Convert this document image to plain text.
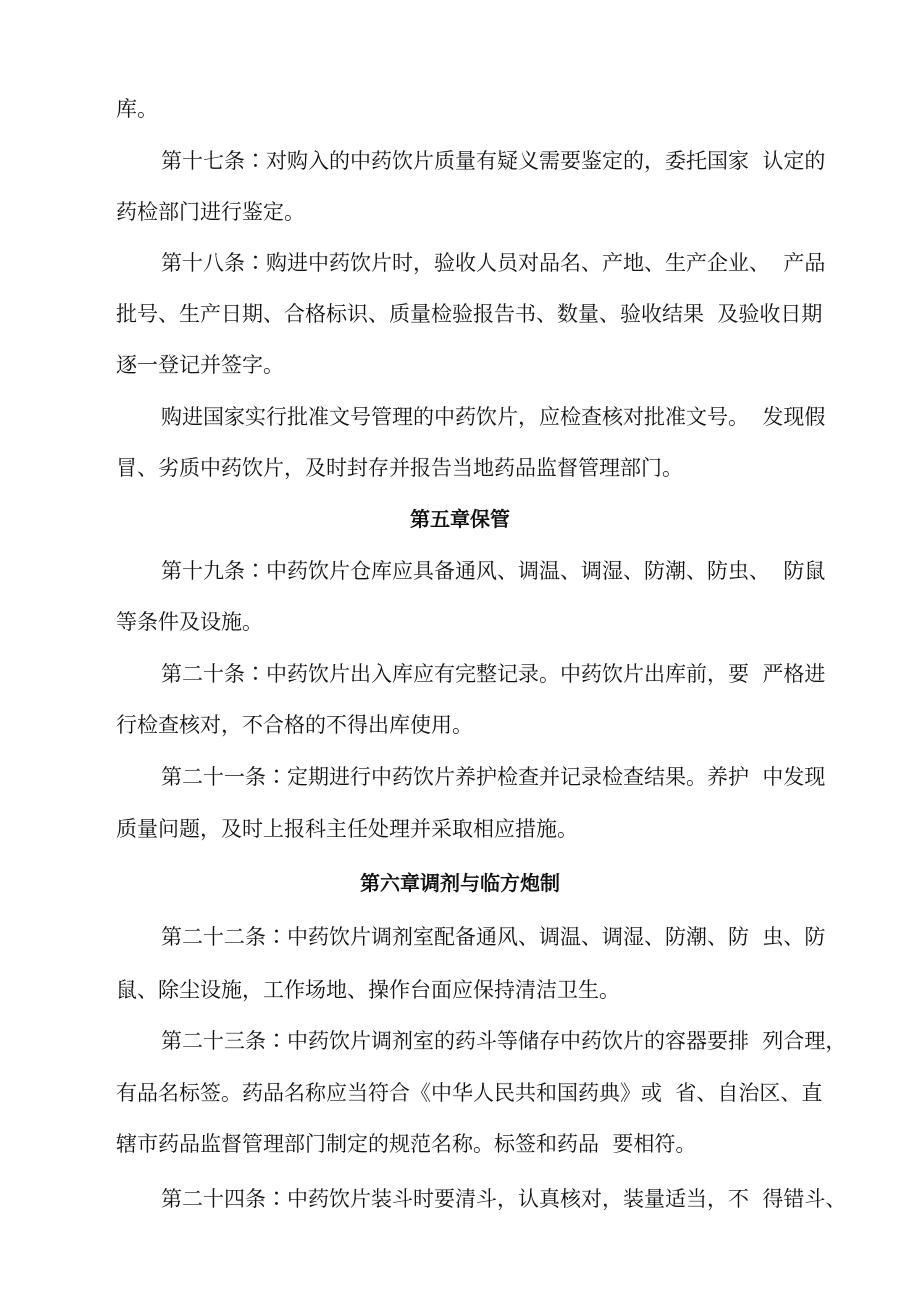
库。
第十七条∶对购入的中药饮片质量有疑义需要鉴定的，委托国家  认定的
药检部门进行鉴定。
第十八条∶购进中药饮片时，验收人员对品名、产地、生产企业、  产品
批号、生产日期、合格标识、质量检验报告书、数量、验收结果  及验收日期
逐一登记并签字。
购进国家实行批准文号管理的中药饮片，应检查核对批准文号。  发现假
冒、劣质中药饮片，及时封存并报告当地药品监督管理部门。
第五章保管
第十九条∶中药饮片仓库应具备通风、调温、调湿、防潮、防虫、  防鼠
等条件及设施。
第二十条∶中药饮片出入库应有完整记录。中药饮片出库前，要  严格进
行检查核对，不合格的不得出库使用。
第二十一条∶定期进行中药饮片养护检查并记录检查结果。养护  中发现
质量问题，及时上报科主任处理并采取相应措施。
第六章调剂与临方炮制
第二十二条∶中药饮片调剂室配备通风、调温、调湿、防潮、防  虫、防
鼠、除尘设施，工作场地、操作台面应保持清洁卫生。
第二十三条∶中药饮片调剂室的药斗等储存中药饮片的容器要排  列合理，
有品名标签。药品名称应当符合《中华人民共和国药典》或  省、自治区、直
辖市药品监督管理部门制定的规范名称。标签和药品  要相符。
第二十四条∶中药饮片装斗时要清斗，认真核对，装量适当，不  得错斗、
